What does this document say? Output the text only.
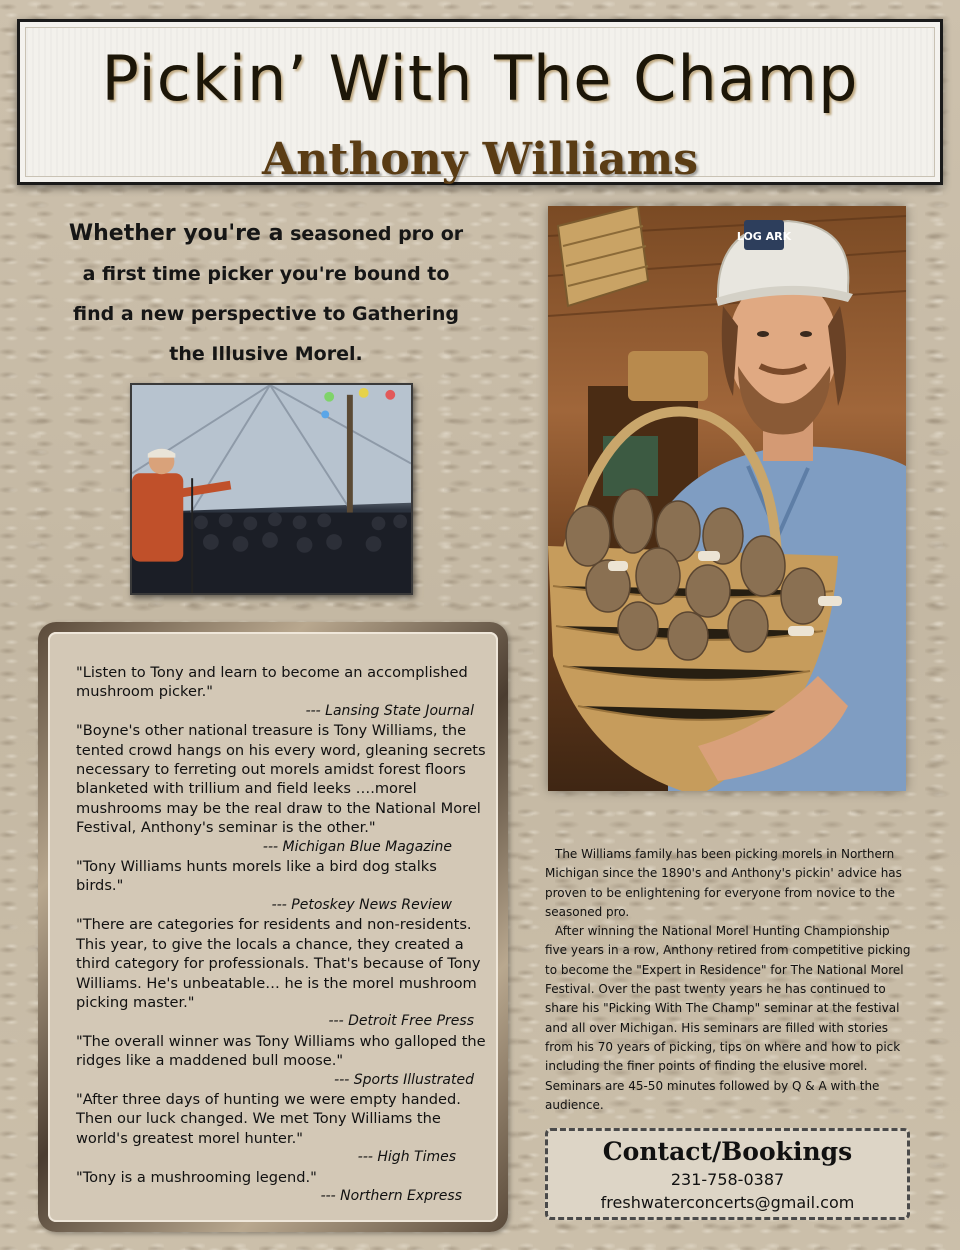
Pickin’ With The Champ
Anthony Williams
Whether you're a seasoned pro or
a first time picker you're bound to
find a new perspective to Gathering
the Illusive Morel.
LOG ARK
"Listen to Tony and learn to become an accomplished mushroom picker."
--- Lansing State Journal
"Boyne's other national treasure is Tony Williams, the tented crowd hangs on his every word, gleaning secrets necessary to ferreting out morels amidst forest floors blanketed with trillium and field leeks ….morel mushrooms may be the real draw to the National Morel Festival, Anthony's seminar is the other."
--- Michigan Blue Magazine
"Tony Williams hunts morels like a bird dog stalks birds."
--- Petoskey News Review
"There are categories for residents and non-residents. This year, to give the locals a chance, they created a third category for professionals. That's because of Tony Williams. He's unbeatable… he is the morel mushroom picking master."
--- Detroit Free Press
"The overall winner was Tony Williams who galloped the ridges like a maddened bull moose."
--- Sports Illustrated
"After three days of hunting we were empty handed. Then our luck changed. We met Tony Williams the world's greatest morel hunter."
--- High Times
"Tony is a mushrooming legend."
--- Northern Express

The Williams family has been picking morels in Northern Michigan since the 1890's and Anthony's pickin' advice has proven to be enlightening for everyone from novice to the seasoned pro.

After winning the National Morel Hunting Championship five years in a row, Anthony retired from competitive picking to become the "Expert in Residence" for The National Morel Festival. Over the past twenty years he has continued to share his "Picking With The Champ" seminar at the festival and all over Michigan. His seminars are filled with stories from his 70 years of picking, tips on where and how to pick including the finer points of finding the elusive morel. Seminars are 45-50 minutes followed by Q & A with the audience.

Contact/Bookings
231-758-0387
freshwaterconcerts@gmail.com
